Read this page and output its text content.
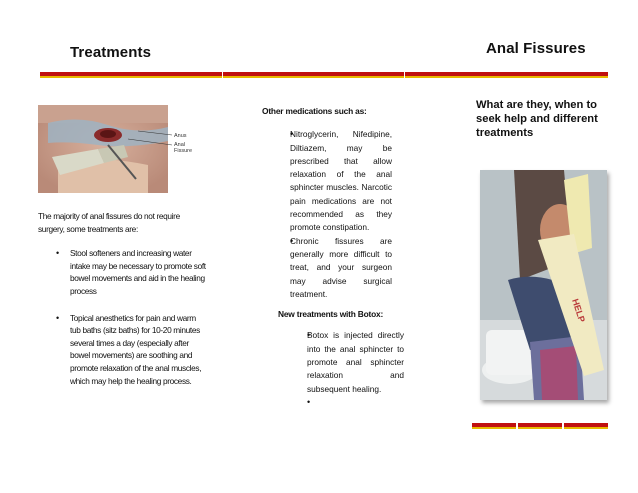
Treatments	Anal Fissures
Anus
Anal
Fissure
The majority of anal fissures do not require surgery, some treatments are:
• Stool softeners and increasing water intake may be necessary to promote soft bowel movements and aid in the healing process
• Topical anesthetics for pain and warm tub baths (sitz baths) for 10-20 minutes several times a day (especially after bowel movements) are soothing and promote relaxation of the anal muscles, which may help the healing process.
Other medications such as:
• Nitroglycerin, Nifedipine, Diltiazem, may be prescribed that allow relaxation of the anal sphincter muscles. Narcotic pain medications are not recommended as they promote constipation.
• Chronic fissures are generally more difficult to treat, and your surgeon may advise surgical treatment.
New treatments with Botox:
• Botox is injected directly into the anal sphincter to promote anal sphincter relaxation and subsequent healing.
•
What are they, when to seek help and different treatments
HELP
